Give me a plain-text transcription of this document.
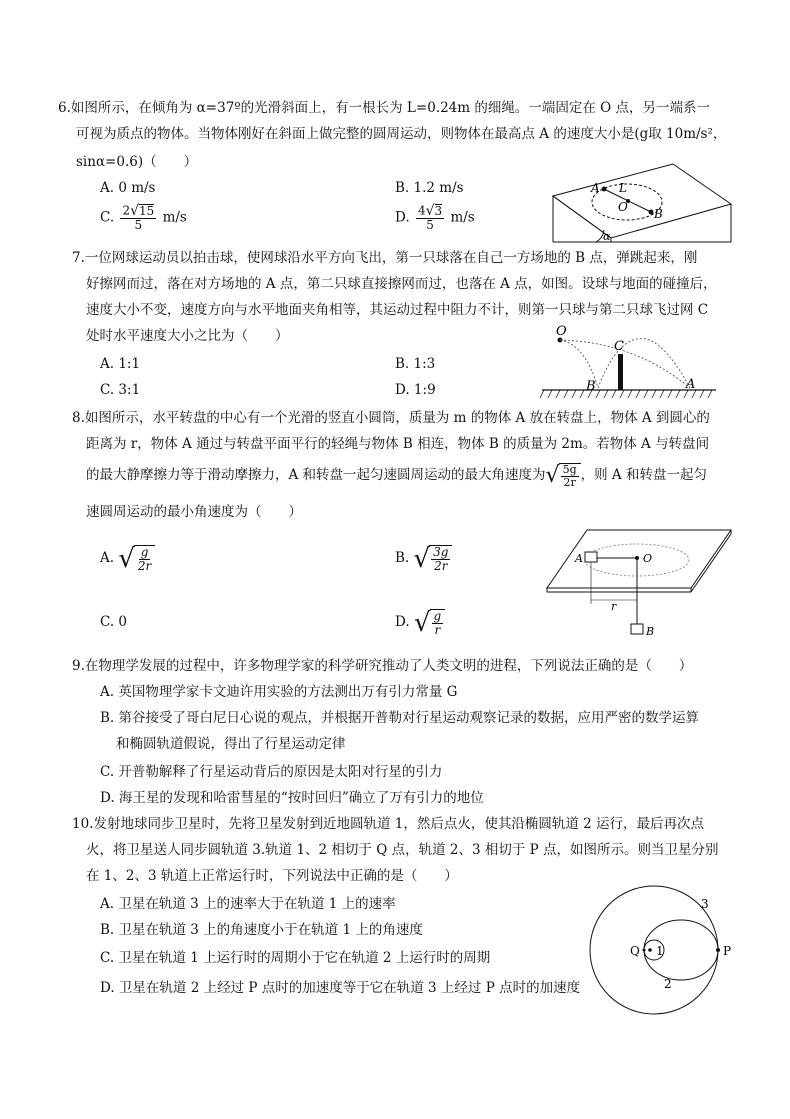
6.如图所示，在倾角为 α=37º的光滑斜面上，有一根长为 L=0.24m 的细绳。一端固定在 O 点，另一端系一
可视为质点的物体。当物体刚好在斜面上做完整的圆周运动，则物体在最高点 A 的速度大小是(g取 10m/s²，
sinα=0.6)（　　）
A. 0 m/s	B. 1.2 m/s
C. $\frac{2 √ 15}{5} m/s$	D. $\frac{4 √ 3}{5} m/s$
A L
O B
α
7.一位网球运动员以拍击球，使网球沿水平方向飞出，第一只球落在自己一方场地的 B 点，弹跳起来，刚
好擦网而过，落在对方场地的 A 点，第二只球直接擦网而过，也落在 A 点，如图。设球与地面的碰撞后，
速度大小不变，速度方向与水平地面夹角相等，其运动过程中阻力不计，则第一只球与第二只球飞过网 C
处时水平速度大小之比为（　　）
A. 1:1	B. 1:3
C. 3:1	D. 1:9
O
C
B	A
8.如图所示，水平转盘的中心有一个光滑的竖直小圆筒，质量为 m 的物体 A 放在转盘上，物体 A 到圆心的
距离为 r，物体 A 通过与转盘平面平行的轻绳与物体 B 相连，物体 B 的质量为 2m。若物体 A 与转盘间
的最大静摩擦力等于滑动摩擦力，A 和转盘一起匀速圆周运动的最大角速度为 √ $\frac{5g}{2r}$ ，则 A 和转盘一起匀
速圆周运动的最小角速度为（　　）
A. √ $\frac{g}{2r}$	B. √ $\frac{3g}{2r}$
C. 0	D. √ $\frac{g}{r}$
A	O
r
B
9.在物理学发展的过程中，许多物理学家的科学研究推动了人类文明的进程，下列说法正确的是（　　）
A. 英国物理学家卡文迪许用实验的方法测出万有引力常量 G
B. 第谷接受了哥白尼日心说的观点，并根据开普勒对行星运动观察记录的数据，应用严密的数学运算
和椭圆轨道假说，得出了行星运动定律
C. 开普勒解释了行星运动背后的原因是太阳对行星的引力
D. 海王星的发现和哈雷彗星的“按时回归”确立了万有引力的地位
10.发射地球同步卫星时，先将卫星发射到近地圆轨道 1，然后点火，使其沿椭圆轨道 2 运行，最后再次点
火，将卫星送人同步圆轨道 3.轨道 1、2 相切于 Q 点，轨道 2、3 相切于 P 点，如图所示。则当卫星分别
在 1、2、3 轨道上正常运行时，下列说法中正确的是（　　）
A. 卫星在轨道 3 上的速率大于在轨道 1 上的速率
B. 卫星在轨道 3 上的角速度小于在轨道 1 上的角速度
C. 卫星在轨道 1 上运行时的周期小于它在轨道 2 上运行时的周期
D. 卫星在轨道 2 上经过 P 点时的加速度等于它在轨道 3 上经过 P 点时的加速度
Q 1	P
2
3
